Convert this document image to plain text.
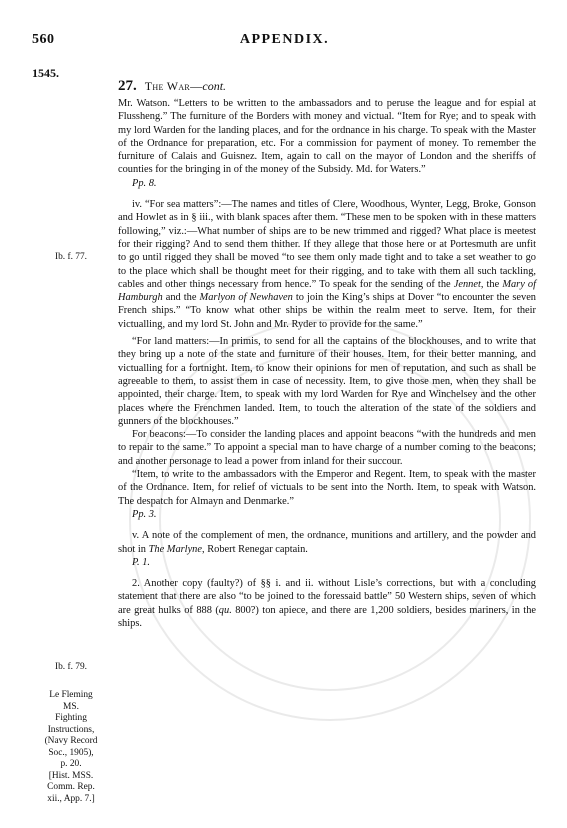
560	APPENDIX.
1545.
27. The War—cont.
Ib. f. 77.
Ib. f. 79.
Le Fleming
MS.
Fighting
Instructions,
(Navy Record
Soc., 1905),
p. 20.
[Hist. MSS.
Comm. Rep.
xii., App. 7.]

Mr. Watson. “Letters to be written to the ambassadors and to peruse the league and for espial at Flussheng.” The furniture of the Borders with money and victual. “Item for Rye; and to speak with my lord Warden for the landing places, and for the ordnance in his charge. To speak with the Master of the Ordnance for preparation, etc. For a commission for payment of money. To remember the furniture of Calais and Guisnez. Item, again to call on the mayor of London and the sheriffs of counties for the bringing in of the money of the Subsidy. Md. for Waters.”

Pp. 8.

iv. “For sea matters”:—The names and titles of Clere, Woodhous, Wynter, Legg, Broke, Gonson and Howlet as in § iii., with blank spaces after them. “These men to be spoken with in these matters following,” viz.:—What number of ships are to be new trimmed and rigged? What place is meetest for their rigging? And to send them thither. If they allege that those here or at Portesmuth are unfit to go until rigged they shall be moved “to see them only made tight and to take a set weather to go to the place which shall be thought meet for their rigging, and to take with them all such tackling, cables and other things necessary from hence.” To speak for the sending of the Jennet, the Mary of Hamburgh and the Marlyon of Newhaven to join the King’s ships at Dover “to encounter the seven French ships.” “To know what other ships be within the realm meet to serve. Item, for their victualling, and my lord St. John and Mr. Ryder to provide for the same.”

“For land matters:—In primis, to send for all the captains of the blockhouses, and to write that they bring up a note of the state and furniture of their houses. Item, for their better manning, and victualling for a fortnight. Item, to know their opinions for men of reputation, and such as shall be agreeable to them, to assist them in case of necessity. Item, to give those men, when they shall be appointed, their charge. Item, to speak with my lord Warden for Rye and Winchelsey and the other places where the Frenchmen landed. Item, to touch the alteration of the state of the soldiers and gunners of the blockhouses.”

For beacons:—To consider the landing places and appoint beacons “with the hundreds and men to repair to the same.” To appoint a special man to have charge of a number coming to the beacons; and another personage to lead a power from inland for their succour.

“Item, to write to the ambassadors with the Emperor and Regent. Item, to speak with the master of the Ordnance. Item, for relief of victuals to be sent into the North. Item, to speak with Watson. The despatch for Almayn and Denmarke.”

Pp. 3.

v. A note of the complement of men, the ordnance, munitions and artillery, and the powder and shot in The Marlyne, Robert Renegar captain.

P. 1.

2. Another copy (faulty?) of §§ i. and ii. without Lisle’s corrections, but with a concluding statement that there are also “to be joined to the foressaid battle” 50 Western ships, seven of which are great hulks of 888 (qu. 800?) ton apiece, and there are 1,200 soldiers, besides mariners, in the ships.
